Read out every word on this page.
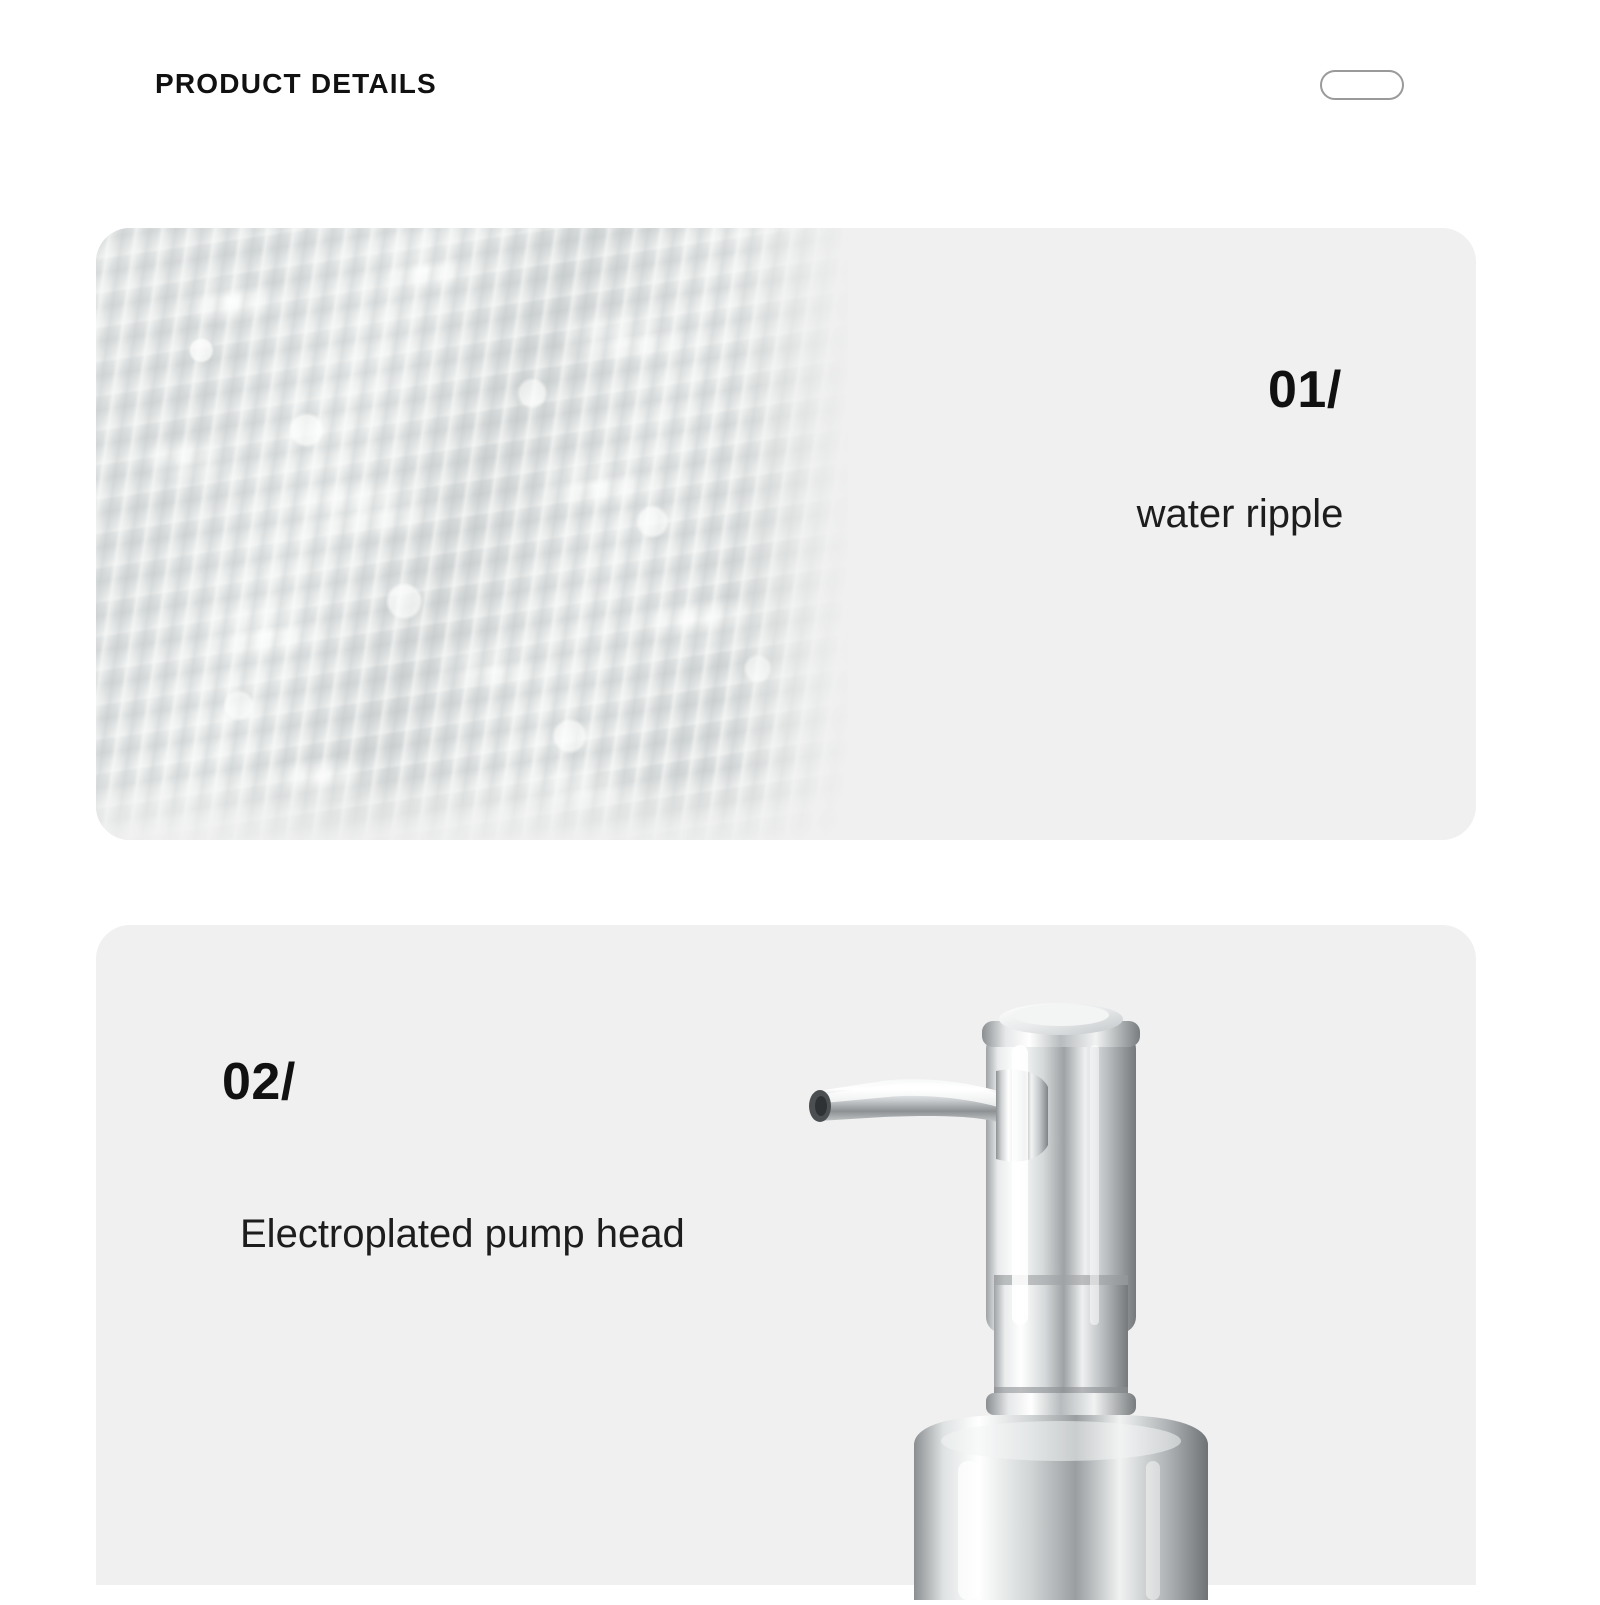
PRODUCT DETAILS
01/
water ripple
02/
Electroplated pump head
